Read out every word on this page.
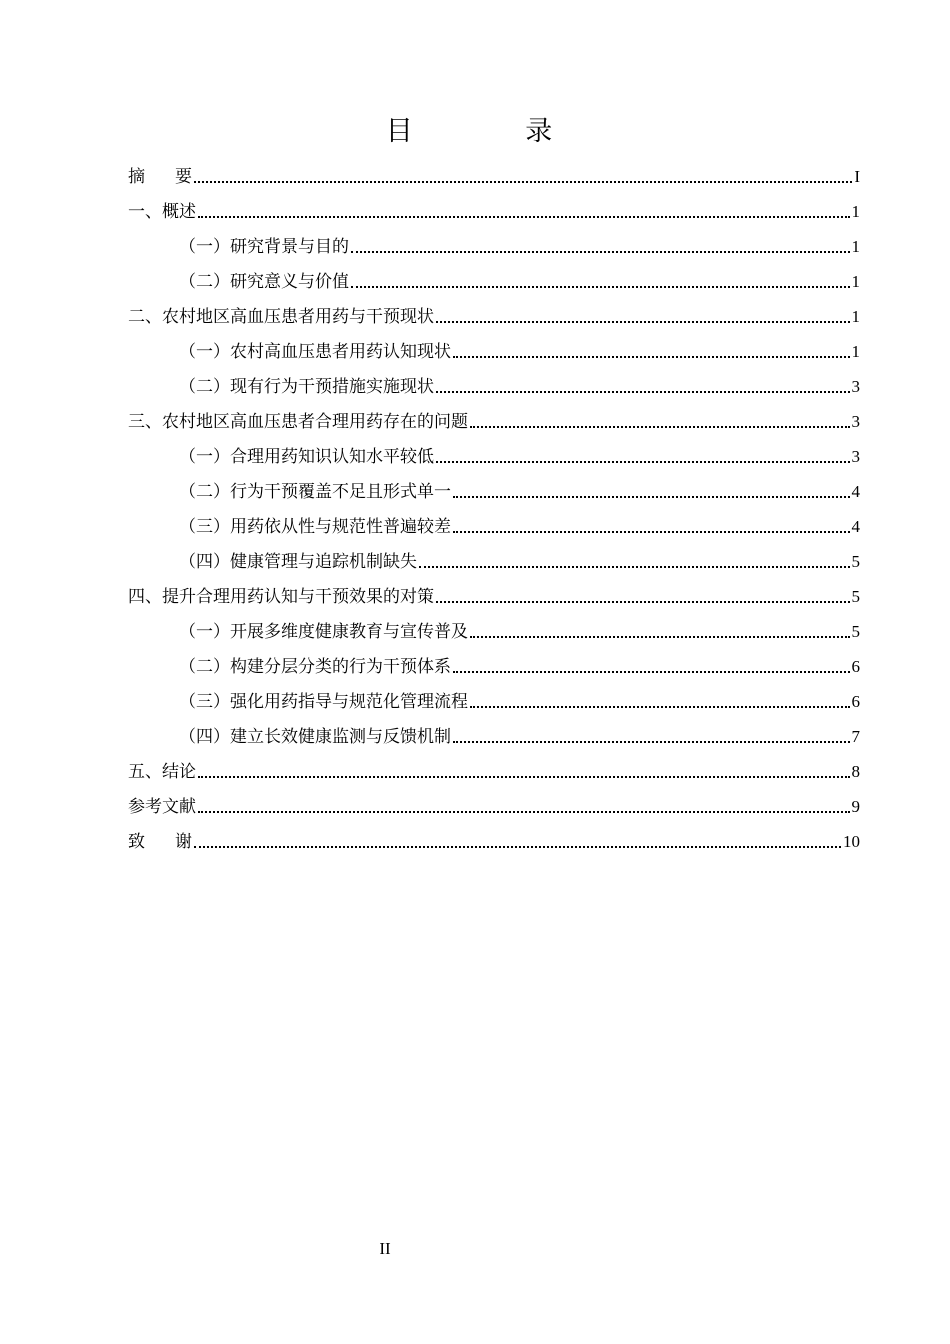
目 录
摘要	I
一、概述	1
（一）研究背景与目的	1
（二）研究意义与价值	1
二、农村地区高血压患者用药与干预现状	1
（一）农村高血压患者用药认知现状	1
（二）现有行为干预措施实施现状	3
三、农村地区高血压患者合理用药存在的问题	3
（一）合理用药知识认知水平较低	3
（二）行为干预覆盖不足且形式单一	4
（三）用药依从性与规范性普遍较差	4
（四）健康管理与追踪机制缺失	5
四、提升合理用药认知与干预效果的对策	5
（一）开展多维度健康教育与宣传普及	5
（二）构建分层分类的行为干预体系	6
（三）强化用药指导与规范化管理流程	6
（四）建立长效健康监测与反馈机制	7
五、结论	8
参考文献	9
致谢	10
II
